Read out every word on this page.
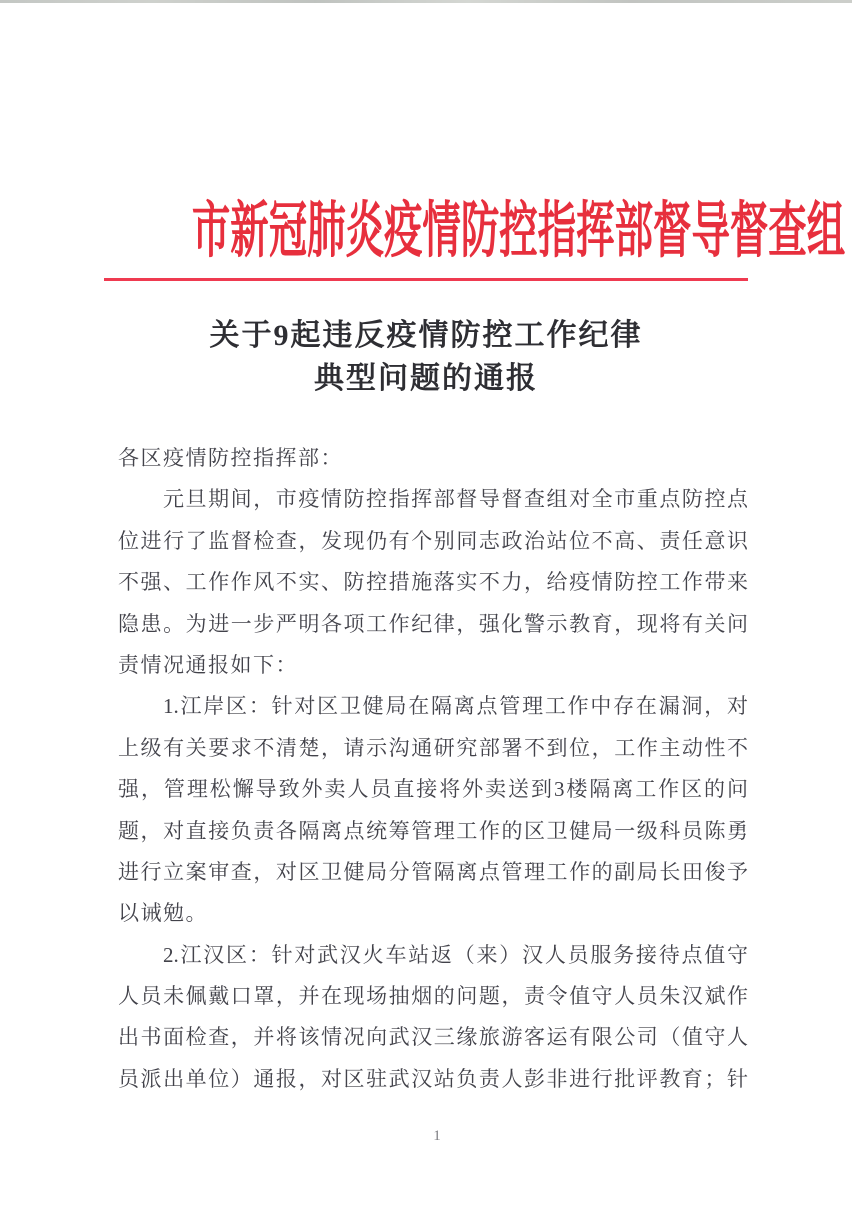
市新冠肺炎疫情防控指挥部督导督查组
关于9起违反疫情防控工作纪律
典型问题的通报
各区疫情防控指挥部：
元旦期间，市疫情防控指挥部督导督查组对全市重点防控点
位进行了监督检查，发现仍有个别同志政治站位不高、责任意识
不强、工作作风不实、防控措施落实不力，给疫情防控工作带来
隐患。为进一步严明各项工作纪律，强化警示教育，现将有关问
责情况通报如下：
1.江岸区：针对区卫健局在隔离点管理工作中存在漏洞，对
上级有关要求不清楚，请示沟通研究部署不到位，工作主动性不
强，管理松懈导致外卖人员直接将外卖送到3楼隔离工作区的问
题，对直接负责各隔离点统筹管理工作的区卫健局一级科员陈勇
进行立案审查，对区卫健局分管隔离点管理工作的副局长田俊予
以诫勉。
2.江汉区：针对武汉火车站返（来）汉人员服务接待点值守
人员未佩戴口罩，并在现场抽烟的问题，责令值守人员朱汉斌作
出书面检查，并将该情况向武汉三缘旅游客运有限公司（值守人
员派出单位）通报，对区驻武汉站负责人彭非进行批评教育；针
1
